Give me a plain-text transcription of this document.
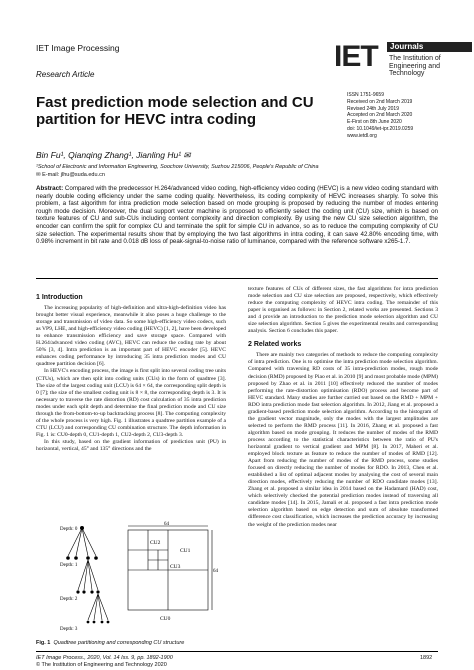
IET Image Processing
Research Article
IET	Journals
The Institution of
Engineering and Technology
Fast prediction mode selection and CU partition for HEVC intra coding
ISSN 1751-9659
Received on 2nd March 2019
Revised 24th July 2019
Accepted on 2nd March 2020
E-First on 8th June 2020
doi: 10.1049/iet-ipr.2019.0259
www.ietdl.org
Bin Fu¹, Qianqing Zhang¹, Jianling Hu¹ ✉
¹School of Electronic and Information Engineering, Soochow University, Suzhou 215006, People's Republic of China
✉ E-mail: jlhu@suda.edu.cn
Abstract: Compared with the predecessor H.264/advanced video coding, high-efficiency video coding (HEVC) is a new video coding standard with nearly double coding efficiency under the same coding quality. Nevertheless, its coding complexity of HEVC increases sharply. To solve this problem, a fast algorithm for intra prediction mode selection based on mode grouping is proposed by reducing the number of modes entering rough mode decision. Moreover, the dual support vector machine is proposed to efficiently select the coding unit (CU) size, which is based on texture features of CU and sub-CUs including content complexity and direction complexity. By using the new CU size selection algorithm, the encoder can confirm the split for complex CU and terminate the split for simple CU in advance, so as to reduce the computing complexity of CU size selection. The experimental results show that by employing the two fast algorithms in intra coding, it can save 42.80% encoding time, with 0.98% increment in bit rate and 0.018 dB loss of peak-signal-to-noise ratio of luminance, compared with the reference software x265-1.7.
1 Introduction

The increasing popularity of high-definition and ultra-high-definition video has brought better visual experience, meanwhile it also poses a huge challenge to the storage and transmission of video data. So some high-efficiency video codecs, such as VP9, LHE, and high-efficiency video coding (HEVC) [1, 2], have been developed to enhance transmission efficiency and save storage space. Compared with H.264/advanced video coding (AVC), HEVC can reduce the coding rate by about 50% [3, 4]. Intra prediction is an important part of HEVC encoder [5]. HEVC enhances coding performance by introducing 35 intra prediction modes and CU quadtree partition decision [6].

In HEVC's encoding process, the image is first split into several coding tree units (CTUs), which are then split into coding units (CUs) in the form of quadtree [3]. The size of the largest coding unit (LCU) is 64 × 64, the corresponding split depth is 0 [7]; the size of the smallest coding unit is 8 × 8, the corresponding depth is 3. It is necessary to traverse the rate distortion (RD) cost calculation of 35 intra prediction modes under each split depth and determine the final prediction mode and CU size through the from-bottom-to-up backtracking process [8]. The computing complexity of the whole process is very high. Fig. 1 illustrates a quadtree partition example of a CTU (LCU) and corresponding CU combination structure. The depth information in Fig. 1 is: CU0-depth 0, CU1-depth 1, CU2-depth 2, CU3-depth 3.

In this study, based on the gradient information of prediction unit (PU) in horizontal, vertical, 45° and 135° directions and the

texture features of CUs of different sizes, the fast algorithms for intra prediction mode selection and CU size selection are proposed, respectively, which effectively reduce the computing complexity of HEVC intra coding. The remainder of this paper is organised as follows: in Section 2, related works are presented. Sections 3 and 4 provide an introduction to the prediction mode selection algorithm and CU size selection algorithm. Section 5 gives the experimental results and corresponding analysis. Section 6 concludes this paper.

2 Related works

There are mainly two categories of methods to reduce the computing complexity of intra prediction. One is to optimise the intra prediction mode selection algorithm. Compared with traversing RD costs of 35 intra-prediction modes, rough mode decision (RMD) proposed by Piao et al. in 2010 [9] and most probable mode (MPM) proposed by Zhao et al. in 2011 [10] effectively reduced the number of modes performing the rate-distortion optimisation (RDO) process and become part of HEVC standard. Many studies are further carried out based on the RMD + MPM + RDO intra prediction mode fast selection algorithm. In 2012, Jiang et al. proposed a gradient-based prediction mode selection algorithm. According to the histogram of the gradient vector magnitude, only the modes with the largest amplitudes are selected to perform the RMD process [11]. In 2016, Zhang et al. proposed a fast algorithm based on mode grouping. It reduces the number of modes of the RMD process according to the statistical characteristics between the ratio of PU's horizontal gradient to vertical gradient and MPM [8]. In 2017, Maheri et al. employed block texture as feature to reduce the number of modes of RMD [12]. Apart from reducing the number of modes of the RMD process, some studies focused on directly reducing the number of modes for RDO. In 2013, Chen et al. established a list of optimal adjacent modes by analysing the cost of several main direction modes, effectively reducing the number of RDO candidate modes [13]. Zhang et al. proposed a similar idea in 2014 based on the Hadamard (HAD) cost, which selectively checked the potential prediction modes instead of traversing all candidate modes [14]. In 2015, Jamali et al. proposed a fast intra prediction mode selection algorithm based on edge detection and sum of absolute transformed difference cost classification, which increases the prediction accuracy by increasing the weight of the prediction modes near

Depth: 0
Depth: 1
Depth: 2
Depth: 3
64
64
CU1
CU2
CU3
CU0
Fig. 1 Quadtree partitioning and corresponding CU structure
IET Image Process., 2020, Vol. 14 Iss. 9, pp. 1892-1900
© The Institution of Engineering and Technology 2020
1892
